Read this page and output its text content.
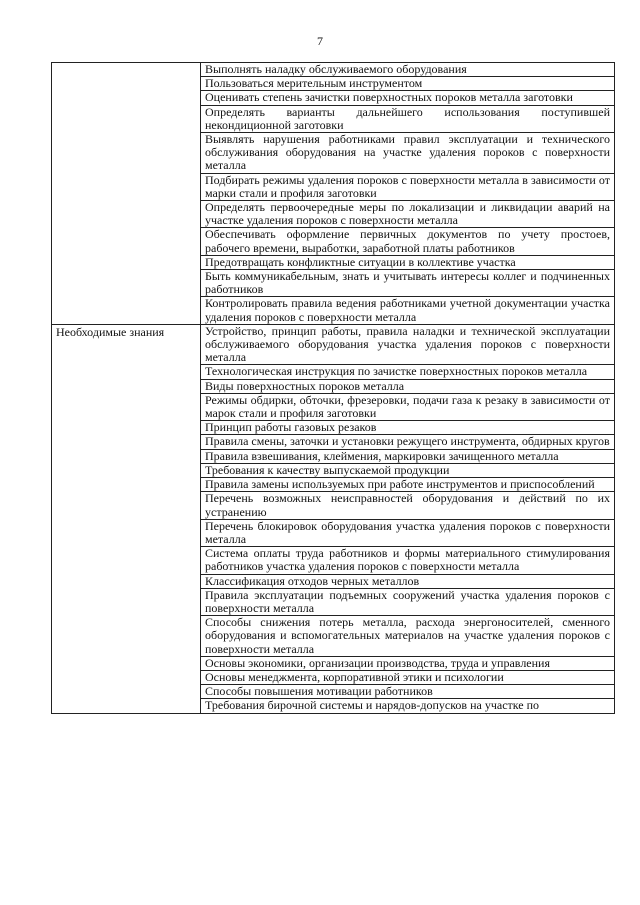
7
	Выполнять наладку обслуживаемого оборудования
	Пользоваться мерительным инструментом
	Оценивать степень зачистки поверхностных пороков металла заготовки
	Определять варианты дальнейшего использования поступившей некондиционной заготовки
	Выявлять нарушения работниками правил эксплуатации и технического обслуживания оборудования на участке удаления пороков с поверхности металла
	Подбирать режимы удаления пороков с поверхности металла в зависимости от марки стали и профиля заготовки
	Определять первоочередные меры по локализации и ликвидации аварий на участке удаления пороков с поверхности металла
	Обеспечивать оформление первичных документов по учету простоев, рабочего времени, выработки, заработной платы работников
	Предотвращать конфликтные ситуации в коллективе участка
	Быть коммуникабельным, знать и учитывать интересы коллег и подчиненных работников
	Контролировать правила ведения работниками учетной документации участка удаления пороков с поверхности металла
Необходимые знания	Устройство, принцип работы, правила наладки и технической эксплуатации обслуживаемого оборудования участка удаления пороков с поверхности металла
	Технологическая инструкция по зачистке поверхностных пороков металла
	Виды поверхностных пороков металла
	Режимы обдирки, обточки, фрезеровки, подачи газа к резаку в зависимости от марок стали и профиля заготовки
	Принцип работы газовых резаков
	Правила смены, заточки и установки режущего инструмента, обдирных кругов
	Правила взвешивания, клеймения, маркировки зачищенного металла
	Требования к качеству выпускаемой продукции
	Правила замены используемых при работе инструментов и приспособлений
	Перечень возможных неисправностей оборудования и действий по их устранению
	Перечень блокировок оборудования участка удаления пороков с поверхности металла
	Система оплаты труда работников и формы материального стимулирования работников участка удаления пороков с поверхности металла
	Классификация отходов черных металлов
	Правила эксплуатации подъемных сооружений участка удаления пороков с поверхности металла
	Способы снижения потерь металла, расхода энергоносителей, сменного оборудования и вспомогательных материалов на участке удаления пороков с поверхности металла
	Основы экономики, организации производства, труда и управления
	Основы менеджмента, корпоративной этики и психологии
	Способы повышения мотивации работников
	Требования бирочной системы и нарядов-допусков на участке по
